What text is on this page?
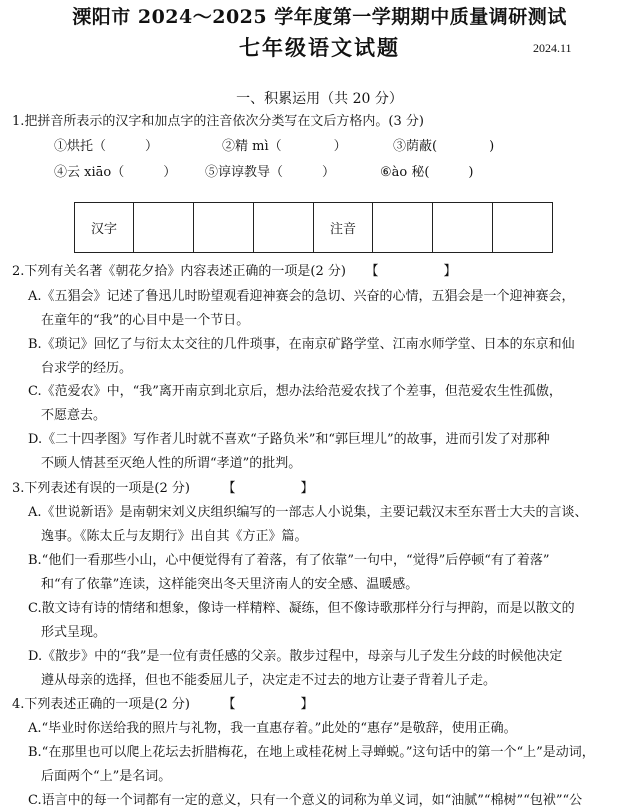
溧阳市 2024～2025 学年度第一学期期中质量调研测试
七年级语文试题	2024.11
一、积累运用（共 20 分）
1.把拼音所表示的汉字和加点字的注音依次分类写在文后方格内。(3 分)
①烘托（　　　）	②精 mì（　　　　）	③荫蔽(　　　　)
④云 xiāo（　　　） ⑤谆谆教导（　　　）	⑥ào 秘(　　　)
汉字				注音			
2.下列有关名著《朝花夕拾》内容表述正确的一项是(2 分)　　【　　　　　】
A.《五猖会》记述了鲁迅儿时盼望观看迎神赛会的急切、兴奋的心情，五猖会是一个迎神赛会，
在童年的“我”的心目中是一个节日。
B.《琐记》回忆了与衍太太交往的几件琐事，在南京矿路学堂、江南水师学堂、日本的东京和仙
台求学的经历。
C.《范爱农》中，“我”离开南京到北京后，想办法给范爱农找了个差事，但范爱农生性孤傲，
不愿意去。
D.《二十四孝图》写作者儿时就不喜欢“子路负米”和“郭巨埋儿”的故事，进而引发了对那种
不顾人情甚至灭绝人性的所谓“孝道”的批判。
3.下列表述有误的一项是(2 分)　　　【　　　　　】
A.《世说新语》是南朝宋刘义庆组织编写的一部志人小说集，主要记载汉末至东晋士大夫的言谈、
逸事。《陈太丘与友期行》出自其《方正》篇。
B.“他们一看那些小山，心中便觉得有了着落，有了依靠”一句中，“觉得”后停顿“有了着落”
和“有了依靠”连读，这样能突出冬天里济南人的安全感、温暖感。
C.散文诗有诗的情绪和想象，像诗一样精粹、凝练，但不像诗歌那样分行与押韵，而是以散文的
形式呈现。
D.《散步》中的“我”是一位有责任感的父亲。散步过程中，母亲与儿子发生分歧的时候他决定
遵从母亲的选择，但也不能委屈儿子，决定走不过去的地方让妻子背着儿子走。
4.下列表述正确的一项是(2 分)　　　【　　　　　】
A.“毕业时你送给我的照片与礼物，我一直惠存着。”此处的“惠存”是敬辞，使用正确。
B.“在那里也可以爬上花坛去折腊梅花，在地上或桂花树上寻蝉蜕。”这句话中的第一个“上”是动词，
后面两个“上”是名词。
C.语言中的每一个词都有一定的意义，只有一个意义的词称为单义词，如“油腻”“棉树”“包袱”“公
